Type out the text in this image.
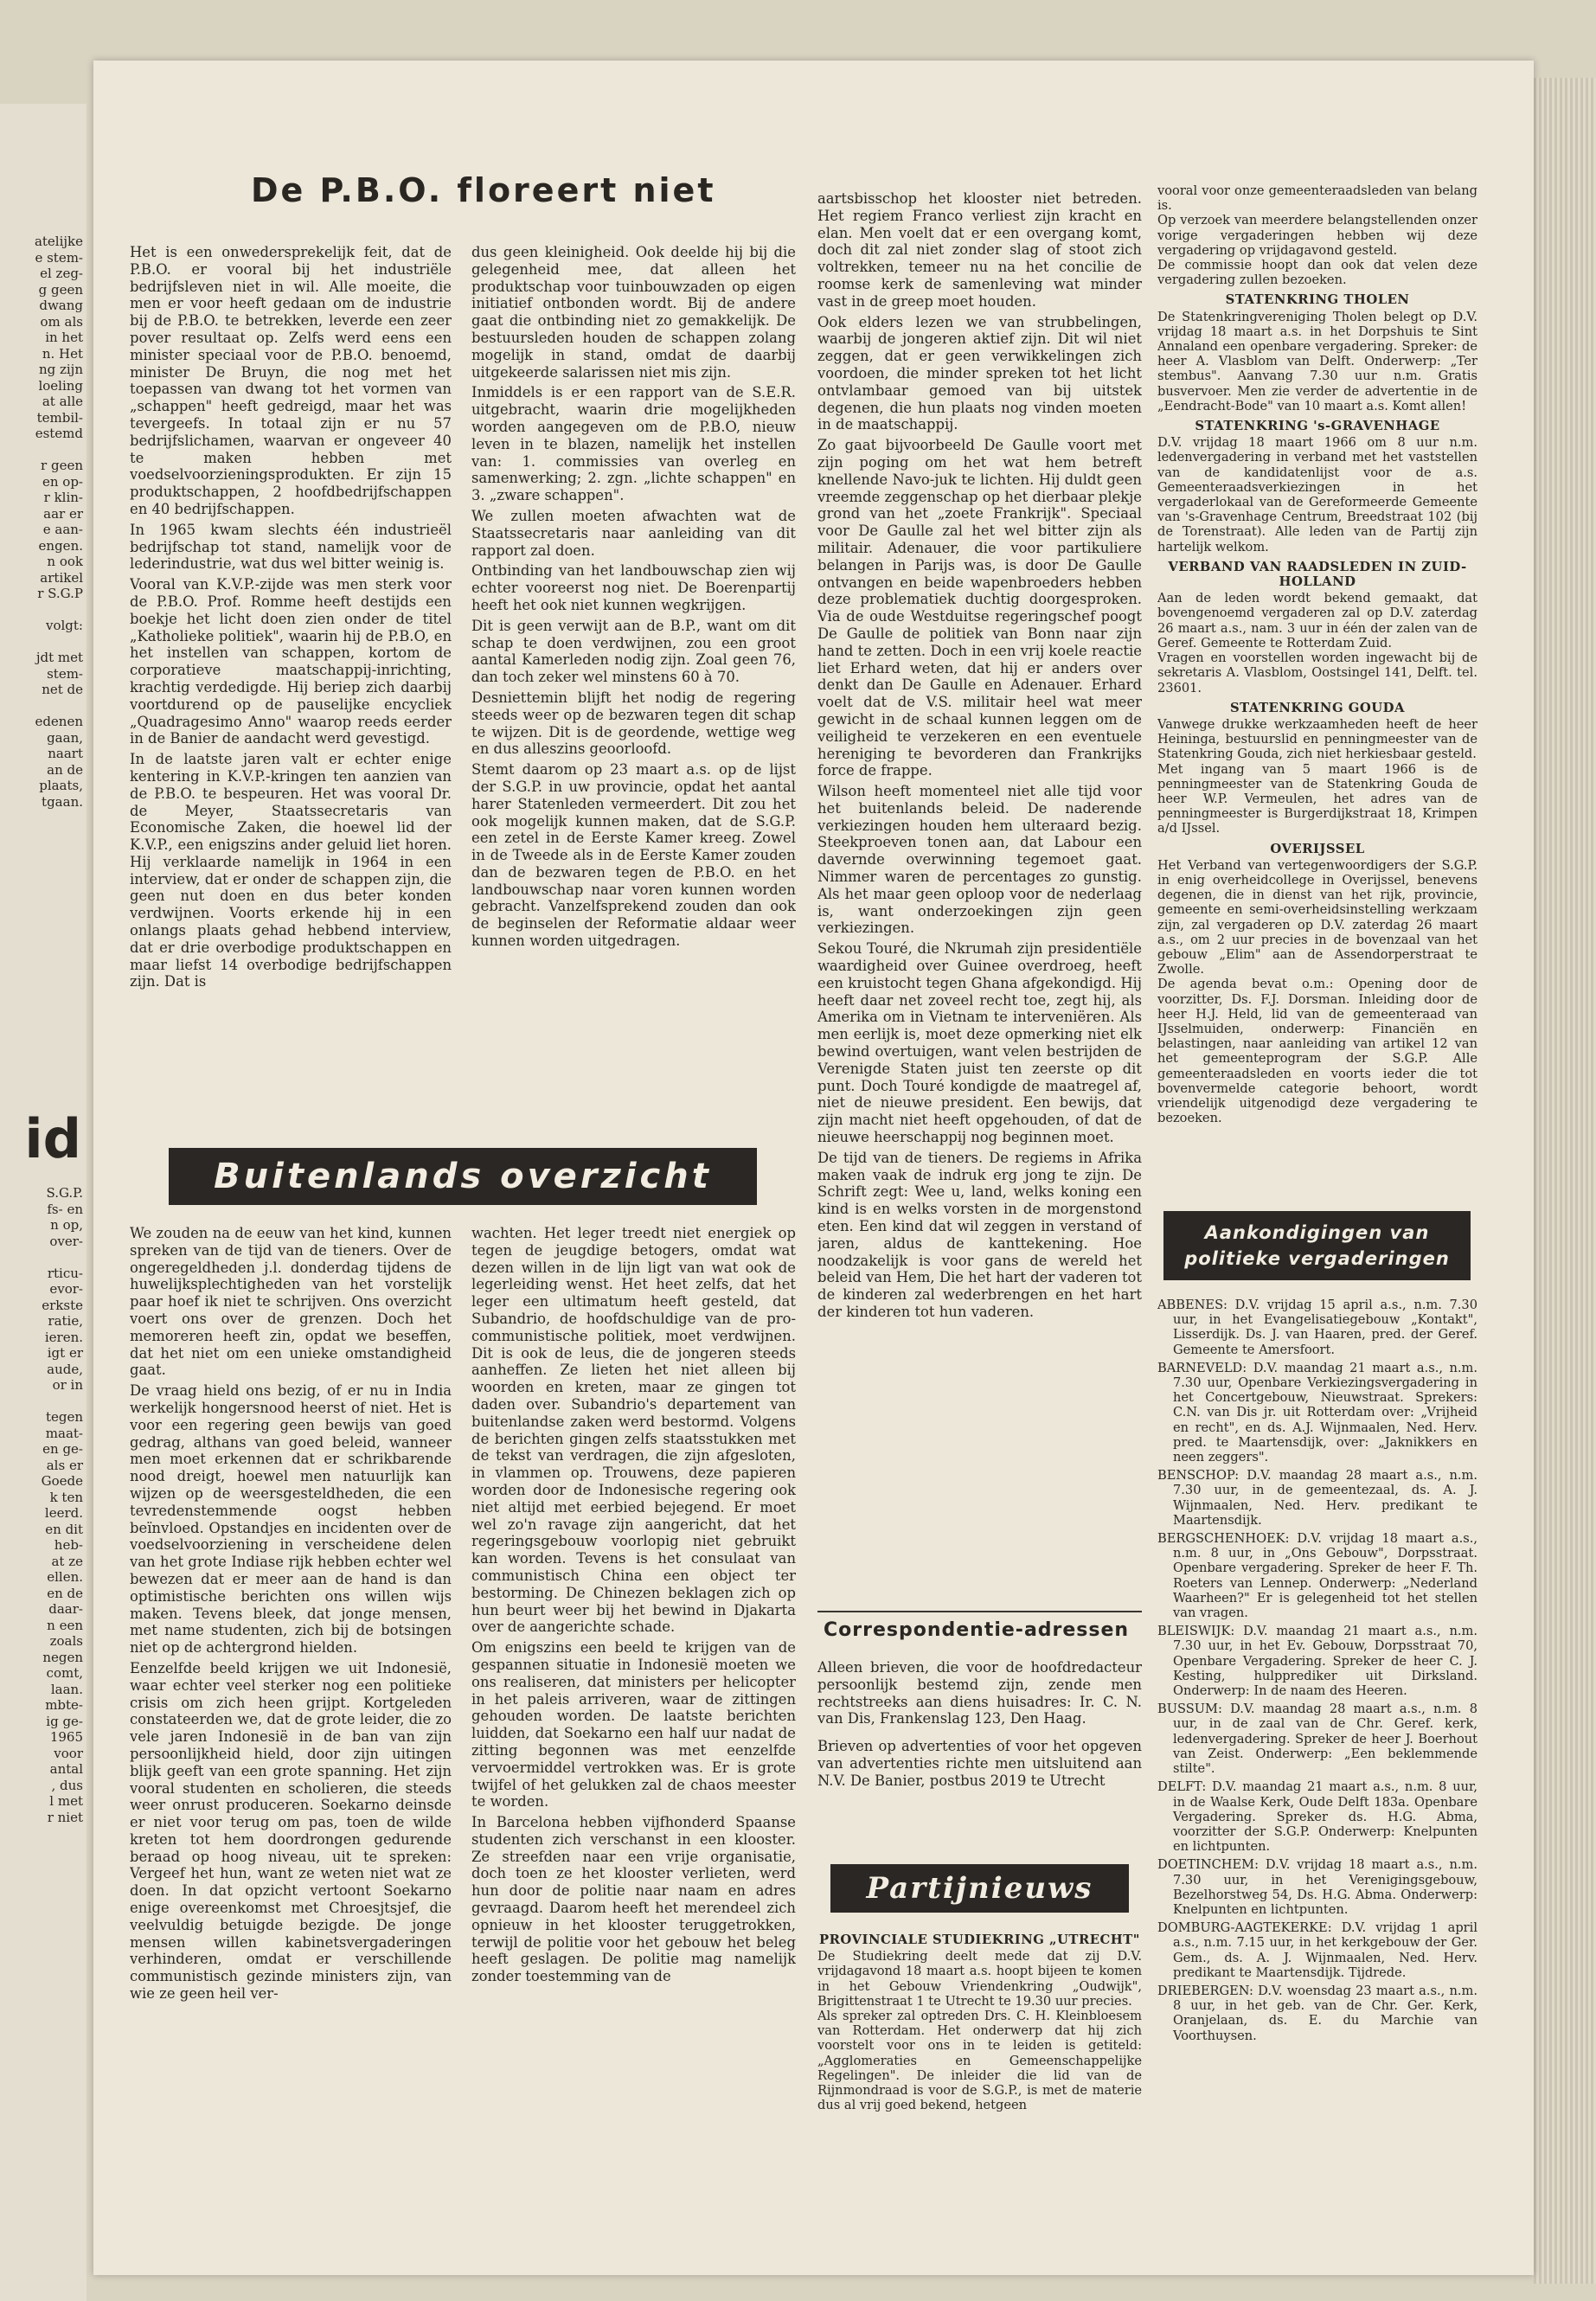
atelijke
e stem-
el zeg-
g geen
dwang
om als
in het
n. Het
ng zijn
loeling
at alle
tembil-
estemd

r geen
en op-
r klin-
aar er
e aan-
engen.
n ook
artikel
r S.G.P

volgt:

jdt met
stem-
net de

edenen
gaan,
naart
an de
plaats,
tgaan.
id
S.G.P.
fs- en
n op,
over-

rticu-
evor-
erkste
ratie,
ieren.
igt er
aude,
or in

tegen
maat-
en ge-
als er
Goede
k ten
leerd.
en dit
heb-
at ze
ellen.
en de
daar-
n een
zoals
negen
comt,
laan.
mbte-
ig ge-
1965
voor
antal
, dus
l met
r niet
De P.B.O. floreert niet

Het is een onwedersprekelijk feit, dat de P.B.O. er vooral bij het industriële bedrijfsleven niet in wil. Alle moeite, die men er voor heeft gedaan om de industrie bij de P.B.O. te betrekken, leverde een zeer pover resultaat op. Zelfs werd eens een minister speciaal voor de P.B.O. benoemd, minister De Bruyn, die nog met het toepassen van dwang tot het vormen van „schappen" heeft gedreigd, maar het was tevergeefs. In totaal zijn er nu 57 bedrijfslichamen, waarvan er ongeveer 40 te maken hebben met voedselvoorzieningsprodukten. Er zijn 15 produktschappen, 2 hoofdbedrijfschappen en 40 bedrijfschappen.

In 1965 kwam slechts één industrieël bedrijfschap tot stand, namelijk voor de lederindustrie, wat dus wel bitter weinig is.

Vooral van K.V.P.-zijde was men sterk voor de P.B.O. Prof. Romme heeft destijds een boekje het licht doen zien onder de titel „Katholieke politiek", waarin hij de P.B.O, en het instellen van schappen, kortom de corporatieve maatschappij-inrichting, krachtig verdedigde. Hij beriep zich daarbij voortdurend op de pauselijke encycliek „Quadragesimo Anno" waarop reeds eerder in de Banier de aandacht werd gevestigd.

In de laatste jaren valt er echter enige kentering in K.V.P.-kringen ten aanzien van de P.B.O. te bespeuren. Het was vooral Dr. de Meyer, Staatssecretaris van Economische Zaken, die hoewel lid der K.V.P., een enigszins ander geluid liet horen. Hij verklaarde namelijk in 1964 in een interview, dat er onder de schappen zijn, die geen nut doen en dus beter konden verdwijnen. Voorts erkende hij in een onlangs plaats gehad hebbend interview, dat er drie overbodige produktschappen en maar liefst 14 overbodige bedrijfschappen zijn. Dat is

dus geen kleinigheid. Ook deelde hij bij die gelegenheid mee, dat alleen het produktschap voor tuinbouwzaden op eigen initiatief ontbonden wordt. Bij de andere gaat die ontbinding niet zo gemakkelijk. De bestuursleden houden de schappen zolang mogelijk in stand, omdat de daarbij uitgekeerde salarissen niet mis zijn.

Inmiddels is er een rapport van de S.E.R. uitgebracht, waarin drie mogelijkheden worden aangegeven om de P.B.O, nieuw leven in te blazen, namelijk het instellen van: 1. commissies van overleg en samenwerking; 2. zgn. „lichte schappen" en 3. „zware schappen".

We zullen moeten afwachten wat de Staatssecretaris naar aanleiding van dit rapport zal doen.

Ontbinding van het landbouwschap zien wij echter vooreerst nog niet. De Boerenpartij heeft het ook niet kunnen wegkrijgen.

Dit is geen verwijt aan de B.P., want om dit schap te doen verdwijnen, zou een groot aantal Kamerleden nodig zijn. Zoal geen 76, dan toch zeker wel minstens 60 à 70.

Desniettemin blijft het nodig de regering steeds weer op de bezwaren tegen dit schap te wijzen. Dit is de geordende, wettige weg en dus alleszins geoorloofd.

Stemt daarom op 23 maart a.s. op de lijst der S.G.P. in uw provincie, opdat het aantal harer Statenleden vermeerdert. Dit zou het ook mogelijk kunnen maken, dat de S.G.P. een zetel in de Eerste Kamer kreeg. Zowel in de Tweede als in de Eerste Kamer zouden dan de bezwaren tegen de P.B.O. en het landbouwschap naar voren kunnen worden gebracht. Vanzelfsprekend zouden dan ook de beginselen der Reformatie aldaar weer kunnen worden uitgedragen.

Buitenlands overzicht

We zouden na de eeuw van het kind, kunnen spreken van de tijd van de tieners. Over de ongeregeldheden j.l. donderdag tijdens de huwelijksplechtigheden van het vorstelijk paar hoef ik niet te schrijven. Ons overzicht voert ons over de grenzen. Doch het memoreren heeft zin, opdat we beseffen, dat het niet om een unieke omstandigheid gaat.

De vraag hield ons bezig, of er nu in India werkelijk hongersnood heerst of niet. Het is voor een regering geen bewijs van goed gedrag, althans van goed beleid, wanneer men moet erkennen dat er schrikbarende nood dreigt, hoewel men natuurlijk kan wijzen op de weersgesteldheden, die een tevredenstemmende oogst hebben beïnvloed. Opstandjes en incidenten over de voedselvoorziening in verscheidene delen van het grote Indiase rijk hebben echter wel bewezen dat er meer aan de hand is dan optimistische berichten ons willen wijs maken. Tevens bleek, dat jonge mensen, met name studenten, zich bij de botsingen niet op de achtergrond hielden.

Eenzelfde beeld krijgen we uit Indonesië, waar echter veel sterker nog een politieke crisis om zich heen grijpt. Kortgeleden constateerden we, dat de grote leider, die zo vele jaren Indonesië in de ban van zijn persoonlijkheid hield, door zijn uitingen blijk geeft van een grote spanning. Het zijn vooral studenten en scholieren, die steeds weer onrust produceren. Soekarno deinsde er niet voor terug om pas, toen de wilde kreten tot hem doordrongen gedurende beraad op hoog niveau, uit te spreken: Vergeef het hun, want ze weten niet wat ze doen. In dat opzicht vertoont Soekarno enige overeenkomst met Chroesjtsjef, die veelvuldig betuigde bezigde. De jonge mensen willen kabinetsvergaderingen verhinderen, omdat er verschillende communistisch gezinde ministers zijn, van wie ze geen heil ver-

wachten. Het leger treedt niet energiek op tegen de jeugdige betogers, omdat wat dezen willen in de lijn ligt van wat ook de legerleiding wenst. Het heet zelfs, dat het leger een ultimatum heeft gesteld, dat Subandrio, de hoofdschuldige van de pro-communistische politiek, moet verdwijnen. Dit is ook de leus, die de jongeren steeds aanheffen. Ze lieten het niet alleen bij woorden en kreten, maar ze gingen tot daden over. Subandrio's departement van buitenlandse zaken werd bestormd. Volgens de berichten gingen zelfs staatsstukken met de tekst van verdragen, die zijn afgesloten, in vlammen op. Trouwens, deze papieren worden door de Indonesische regering ook niet altijd met eerbied bejegend. Er moet wel zo'n ravage zijn aangericht, dat het regeringsgebouw voorlopig niet gebruikt kan worden. Tevens is het consulaat van communistisch China een object ter bestorming. De Chinezen beklagen zich op hun beurt weer bij het bewind in Djakarta over de aangerichte schade.

Om enigszins een beeld te krijgen van de gespannen situatie in Indonesië moeten we ons realiseren, dat ministers per helicopter in het paleis arriveren, waar de zittingen gehouden worden. De laatste berichten luidden, dat Soekarno een half uur nadat de zitting begonnen was met eenzelfde vervoermiddel vertrokken was. Er is grote twijfel of het gelukken zal de chaos meester te worden.

In Barcelona hebben vijfhonderd Spaanse studenten zich verschanst in een klooster. Ze streefden naar een vrije organisatie, doch toen ze het klooster verlieten, werd hun door de politie naar naam en adres gevraagd. Daarom heeft het merendeel zich opnieuw in het klooster teruggetrokken, terwijl de politie voor het gebouw het beleg heeft geslagen. De politie mag namelijk zonder toestemming van de

aartsbisschop het klooster niet betreden. Het regiem Franco verliest zijn kracht en elan. Men voelt dat er een overgang komt, doch dit zal niet zonder slag of stoot zich voltrekken, temeer nu na het concilie de roomse kerk de samenleving wat minder vast in de greep moet houden.

Ook elders lezen we van strubbelingen, waarbij de jongeren aktief zijn. Dit wil niet zeggen, dat er geen verwikkelingen zich voordoen, die minder spreken tot het licht ontvlambaar gemoed van bij uitstek degenen, die hun plaats nog vinden moeten in de maatschappij.

Zo gaat bijvoorbeeld De Gaulle voort met zijn poging om het wat hem betreft knellende Navo-juk te lichten. Hij duldt geen vreemde zeggenschap op het dierbaar plekje grond van het „zoete Frankrijk". Speciaal voor De Gaulle zal het wel bitter zijn als militair. Adenauer, die voor partikuliere belangen in Parijs was, is door De Gaulle ontvangen en beide wapenbroeders hebben deze problematiek duchtig doorgesproken. Via de oude Westduitse regeringschef poogt De Gaulle de politiek van Bonn naar zijn hand te zetten. Doch in een vrij koele reactie liet Erhard weten, dat hij er anders over denkt dan De Gaulle en Adenauer. Erhard voelt dat de V.S. militair heel wat meer gewicht in de schaal kunnen leggen om de veiligheid te verzekeren en een eventuele hereniging te bevorderen dan Frankrijks force de frappe.

Wilson heeft momenteel niet alle tijd voor het buitenlands beleid. De naderende verkiezingen houden hem ulteraard bezig. Steekproeven tonen aan, dat Labour een davernde overwinning tegemoet gaat. Nimmer waren de percentages zo gunstig. Als het maar geen oploop voor de nederlaag is, want onderzoekingen zijn geen verkiezingen.

Sekou Touré, die Nkrumah zijn presidentiële waardigheid over Guinee overdroeg, heeft een kruistocht tegen Ghana afgekondigd. Hij heeft daar net zoveel recht toe, zegt hij, als Amerika om in Vietnam te interveniëren. Als men eerlijk is, moet deze opmerking niet elk bewind overtuigen, want velen bestrijden de Verenigde Staten juist ten zeerste op dit punt. Doch Touré kondigde de maatregel af, niet de nieuwe president. Een bewijs, dat zijn macht niet heeft opgehouden, of dat de nieuwe heerschappij nog beginnen moet.

De tijd van de tieners. De regiems in Afrika maken vaak de indruk erg jong te zijn. De Schrift zegt: Wee u, land, welks koning een kind is en welks vorsten in de morgenstond eten. Een kind dat wil zeggen in verstand of jaren, aldus de kanttekening. Hoe noodzakelijk is voor gans de wereld het beleid van Hem, Die het hart der vaderen tot de kinderen zal wederbrengen en het hart der kinderen tot hun vaderen.

Correspondentie-adressen

Alleen brieven, die voor de hoofdredacteur persoonlijk bestemd zijn, zende men rechtstreeks aan diens huisadres: Ir. C. N. van Dis, Frankenslag 123, Den Haag.

Brieven op advertenties of voor het opgeven van advertenties richte men uitsluitend aan N.V. De Banier, postbus 2019 te Utrecht

Partijnieuws
PROVINCIALE STUDIEKRING „UTRECHT"

De Studiekring deelt mede dat zij D.V. vrijdagavond 18 maart a.s. hoopt bijeen te komen in het Gebouw Vriendenkring „Oudwijk", Brigittenstraat 1 te Utrecht te 19.30 uur precies.
Als spreker zal optreden Drs. C. H. Kleinbloesem van Rotterdam. Het onderwerp dat hij zich voorstelt voor ons in te leiden is getiteld: „Agglomeraties en Gemeenschappelijke Regelingen". De inleider die lid van de Rijnmondraad is voor de S.G.P., is met de materie dus al vrij goed bekend, hetgeen

vooral voor onze gemeenteraadsleden van belang is.
Op verzoek van meerdere belangstellenden onzer vorige vergaderingen hebben wij deze vergadering op vrijdagavond gesteld.
De commissie hoopt dan ook dat velen deze vergadering zullen bezoeken.

STATENKRING THOLEN

De Statenkringvereniging Tholen belegt op D.V. vrijdag 18 maart a.s. in het Dorpshuis te Sint Annaland een openbare vergadering. Spreker: de heer A. Vlasblom van Delft. Onderwerp: „Ter stembus". Aanvang 7.30 uur n.m. Gratis busvervoer. Men zie verder de advertentie in de „Eendracht-Bode" van 10 maart a.s. Komt allen!

STATENKRING 's-GRAVENHAGE

D.V. vrijdag 18 maart 1966 om 8 uur n.m. ledenvergadering in verband met het vaststellen van de kandidatenlijst voor de a.s. Gemeenteraadsverkiezingen in het vergaderlokaal van de Gereformeerde Gemeente van 's-Gravenhage Centrum, Breedstraat 102 (bij de Torenstraat). Alle leden van de Partij zijn hartelijk welkom.

VERBAND VAN RAADSLEDEN IN ZUID-HOLLAND

Aan de leden wordt bekend gemaakt, dat bovengenoemd vergaderen zal op D.V. zaterdag 26 maart a.s., nam. 3 uur in één der zalen van de Geref. Gemeente te Rotterdam Zuid.
Vragen en voorstellen worden ingewacht bij de sekretaris A. Vlasblom, Oostsingel 141, Delft. tel. 23601.

STATENKRING GOUDA

Vanwege drukke werkzaamheden heeft de heer Heininga, bestuurslid en penningmeester van de Statenkring Gouda, zich niet herkiesbaar gesteld.
Met ingang van 5 maart 1966 is de penningmeester van de Statenkring Gouda de heer W.P. Vermeulen, het adres van de penningmeester is Burgerdijkstraat 18, Krimpen a/d IJssel.

OVERIJSSEL

Het Verband van vertegenwoordigers der S.G.P. in enig overheidcollege in Overijssel, benevens degenen, die in dienst van het rijk, provincie, gemeente en semi-overheidsinstelling werkzaam zijn, zal vergaderen op D.V. zaterdag 26 maart a.s., om 2 uur precies in de bovenzaal van het gebouw „Elim" aan de Assendorperstraat te Zwolle.
De agenda bevat o.m.: Opening door de voorzitter, Ds. F.J. Dorsman. Inleiding door de heer H.J. Held, lid van de gemeenteraad van IJsselmuiden, onderwerp: Financiën en belastingen, naar aanleiding van artikel 12 van het gemeenteprogram der S.G.P. Alle gemeenteraadsleden en voorts ieder die tot bovenvermelde categorie behoort, wordt vriendelijk uitgenodigd deze vergadering te bezoeken.

Aankondigingen van
politieke vergaderingen

ABBENES: D.V. vrijdag 15 april a.s., n.m. 7.30 uur, in het Evangelisatiegebouw „Kontakt", Lisserdijk. Ds. J. van Haaren, pred. der Geref. Gemeente te Amersfoort.

BARNEVELD: D.V. maandag 21 maart a.s., n.m. 7.30 uur, Openbare Verkiezingsvergadering in het Concertgebouw, Nieuwstraat. Sprekers: C.N. van Dis jr. uit Rotterdam over: „Vrijheid en recht", en ds. A.J. Wijnmaalen, Ned. Herv. pred. te Maartensdijk, over: „Jaknikkers en neen zeggers".

BENSCHOP: D.V. maandag 28 maart a.s., n.m. 7.30 uur, in de gemeentezaal, ds. A. J. Wijnmaalen, Ned. Herv. predikant te Maartensdijk.

BERGSCHENHOEK: D.V. vrijdag 18 maart a.s., n.m. 8 uur, in „Ons Gebouw", Dorpsstraat. Openbare vergadering. Spreker de heer F. Th. Roeters van Lennep. Onderwerp: „Nederland Waarheen?" Er is gelegenheid tot het stellen van vragen.

BLEISWIJK: D.V. maandag 21 maart a.s., n.m. 7.30 uur, in het Ev. Gebouw, Dorpsstraat 70, Openbare Vergadering. Spreker de heer C. J. Kesting, hulpprediker uit Dirksland. Onderwerp: In de naam des Heeren.

BUSSUM: D.V. maandag 28 maart a.s., n.m. 8 uur, in de zaal van de Chr. Geref. kerk, ledenvergadering. Spreker de heer J. Boerhout van Zeist. Onderwerp: „Een beklemmende stilte".

DELFT: D.V. maandag 21 maart a.s., n.m. 8 uur, in de Waalse Kerk, Oude Delft 183a. Openbare Vergadering. Spreker ds. H.G. Abma, voorzitter der S.G.P. Onderwerp: Knelpunten en lichtpunten.

DOETINCHEM: D.V. vrijdag 18 maart a.s., n.m. 7.30 uur, in het Verenigingsgebouw, Bezelhorstweg 54, Ds. H.G. Abma. Onderwerp: Knelpunten en lichtpunten.

DOMBURG-AAGTEKERKE: D.V. vrijdag 1 april a.s., n.m. 7.15 uur, in het kerkgebouw der Ger. Gem., ds. A. J. Wijnmaalen, Ned. Herv. predikant te Maartensdijk. Tijdrede.

DRIEBERGEN: D.V. woensdag 23 maart a.s., n.m. 8 uur, in het geb. van de Chr. Ger. Kerk, Oranjelaan, ds. E. du Marchie van Voorthuysen.
